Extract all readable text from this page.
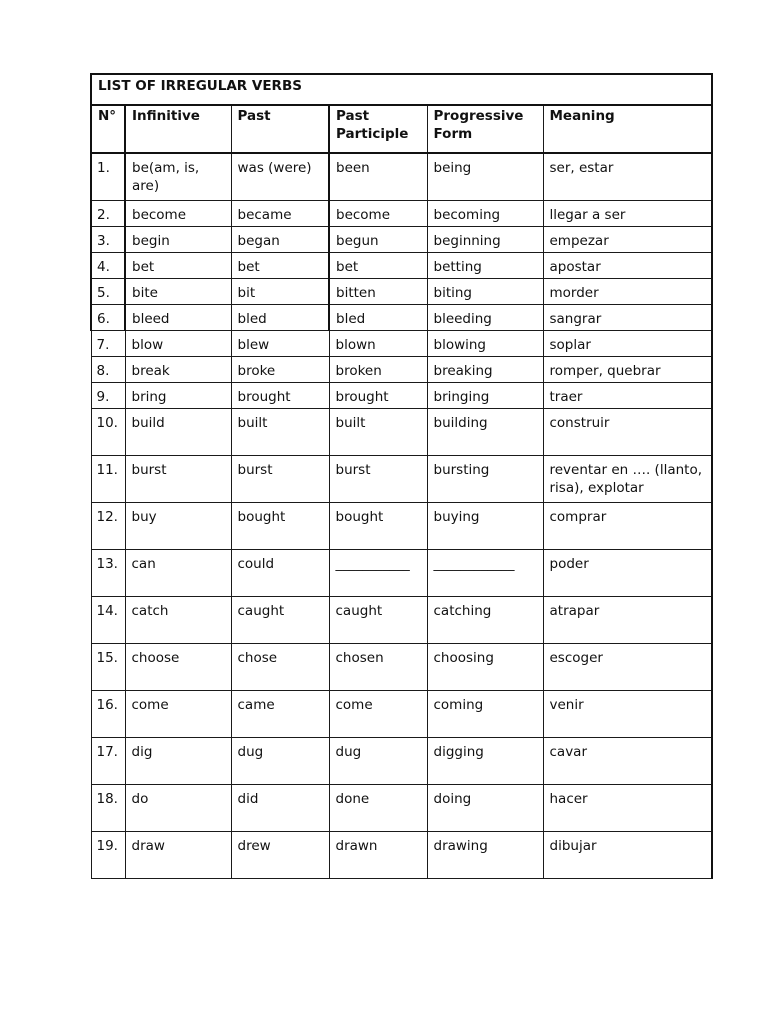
LIST OF IRREGULAR VERBS					
N°	Infinitive	Past	Past Participle	Progressive Form	Meaning
1.	be(am, is, are)	was (were)	been	being	ser, estar
2.	become	became	become	becoming	llegar a ser
3.	begin	began	begun	beginning	empezar
4.	bet	bet	bet	betting	apostar
5.	bite	bit	bitten	biting	morder
6.	bleed	bled	bled	bleeding	sangrar
7.	blow	blew	blown	blowing	soplar
8.	break	broke	broken	breaking	romper, quebrar
9.	bring	brought	brought	bringing	traer
10.	build	built	built	building	construir
11.	burst	burst	burst	bursting	reventar en …. (llanto, risa), explotar
12.	buy	bought	bought	buying	comprar
13.	can	could	___________	____________	poder
14.	catch	caught	caught	catching	atrapar
15.	choose	chose	chosen	choosing	escoger
16.	come	came	come	coming	venir
17.	dig	dug	dug	digging	cavar
18.	do	did	done	doing	hacer
19.	draw	drew	drawn	drawing	dibujar
